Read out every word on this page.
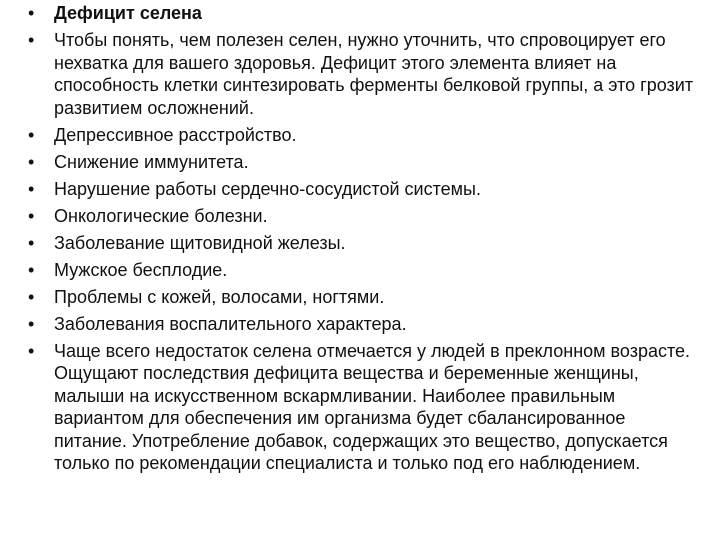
•
Дефицит селена
•
Чтобы понять, чем полезен селен, нужно уточнить, что спровоцирует его нехватка для вашего здоровья. Дефицит этого элемента влияет на способность клетки синтезировать ферменты белковой группы, а это грозит развитием осложнений.
•
Депрессивное расстройство.
•
Снижение иммунитета.
•
Нарушение работы сердечно-сосудистой системы.
•
Онкологические болезни.
•
Заболевание щитовидной железы.
•
Мужское бесплодие.
•
Проблемы с кожей, волосами, ногтями.
•
Заболевания воспалительного характера.
•
Чаще всего недостаток селена отмечается у людей в преклонном возрасте. Ощущают последствия дефицита вещества и беременные женщины, малыши на искусственном вскармливании. Наиболее правильным вариантом для обеспечения им организма будет сбалансированное питание. Употребление добавок, содержащих это вещество, допускается только по рекомендации специалиста и только под его наблюдением.
